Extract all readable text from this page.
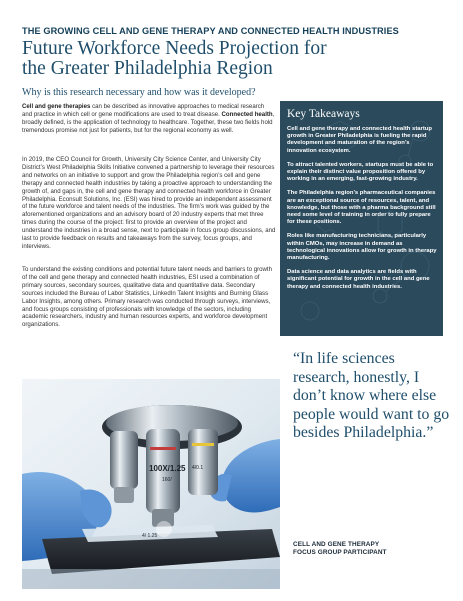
THE GROWING CELL AND GENE THERAPY AND CONNECTED HEALTH INDUSTRIES
Future Workforce Needs Projection for
the Greater Philadelphia Region
Why is this research necessary and how was it developed?
Cell and gene therapies can be described as innovative approaches to medical research and practice in which cell or gene modifications are used to treat disease. Connected health, broadly defined, is the application of technology to healthcare. Together, these two fields hold tremendous promise not just for patients, but for the regional economy as well.
In 2019, the CEO Council for Growth, University City Science Center, and University City District’s West Philadelphia Skills Initiative convened a partnership to leverage their resources and networks on an initiative to support and grow the Philadelphia region’s cell and gene therapy and connected health industries by taking a proactive approach to understanding the growth of, and gaps in, the cell and gene therapy and connected health workforce in Greater Philadelphia. Econsult Solutions, Inc. (ESI) was hired to provide an independent assessment of the future workforce and talent needs of the industries. The firm’s work was guided by the aforementioned organizations and an advisory board of 20 industry experts that met three times during the course of the project: first to provide an overview of the project and understand the industries in a broad sense, next to participate in focus group discussions, and last to provide feedback on results and takeaways from the survey, focus groups, and interviews.
To understand the existing conditions and potential future talent needs and barriers to growth of the cell and gene therapy and connected health industries, ESI used a combination of primary sources, secondary sources, qualitative data and quantitative data. Secondary sources included the Bureau of Labor Statistics, LinkedIn Talent Insights and Burning Glass Labor Insights, among others. Primary research was conducted through surveys, interviews, and focus groups consisting of professionals with knowledge of the sectors, including academic researchers, industry and human resources experts, and workforce development organizations.
Key Takeaways
Cell and gene therapy and connected health startup growth in Greater Philadelphia is fueling the rapid development and maturation of the region’s innovation ecosystem.
To attract talented workers, startups must be able to explain their distinct value proposition offered by working in an emerging, fast-growing industry.
The Philadelphia region’s pharmaceutical companies are an exceptional source of resources, talent, and knowledge, but those with a pharma background still need some level of training in order to fully prepare for these positions.
Roles like manufacturing technicians, particularly within CMOs, may increase in demand as technological innovations allow for growth in therapy manufacturing.
Data science and data analytics are fields with significant potential for growth in the cell and gene therapy and connected health industries.
“In life sciences research, honestly, I don’t know where else people would want to go besides Philadelphia.”
CELL AND GENE THERAPY
FOCUS GROUP PARTICIPANT
100X/1.25
160/
4/0.1
4/ 1.25
